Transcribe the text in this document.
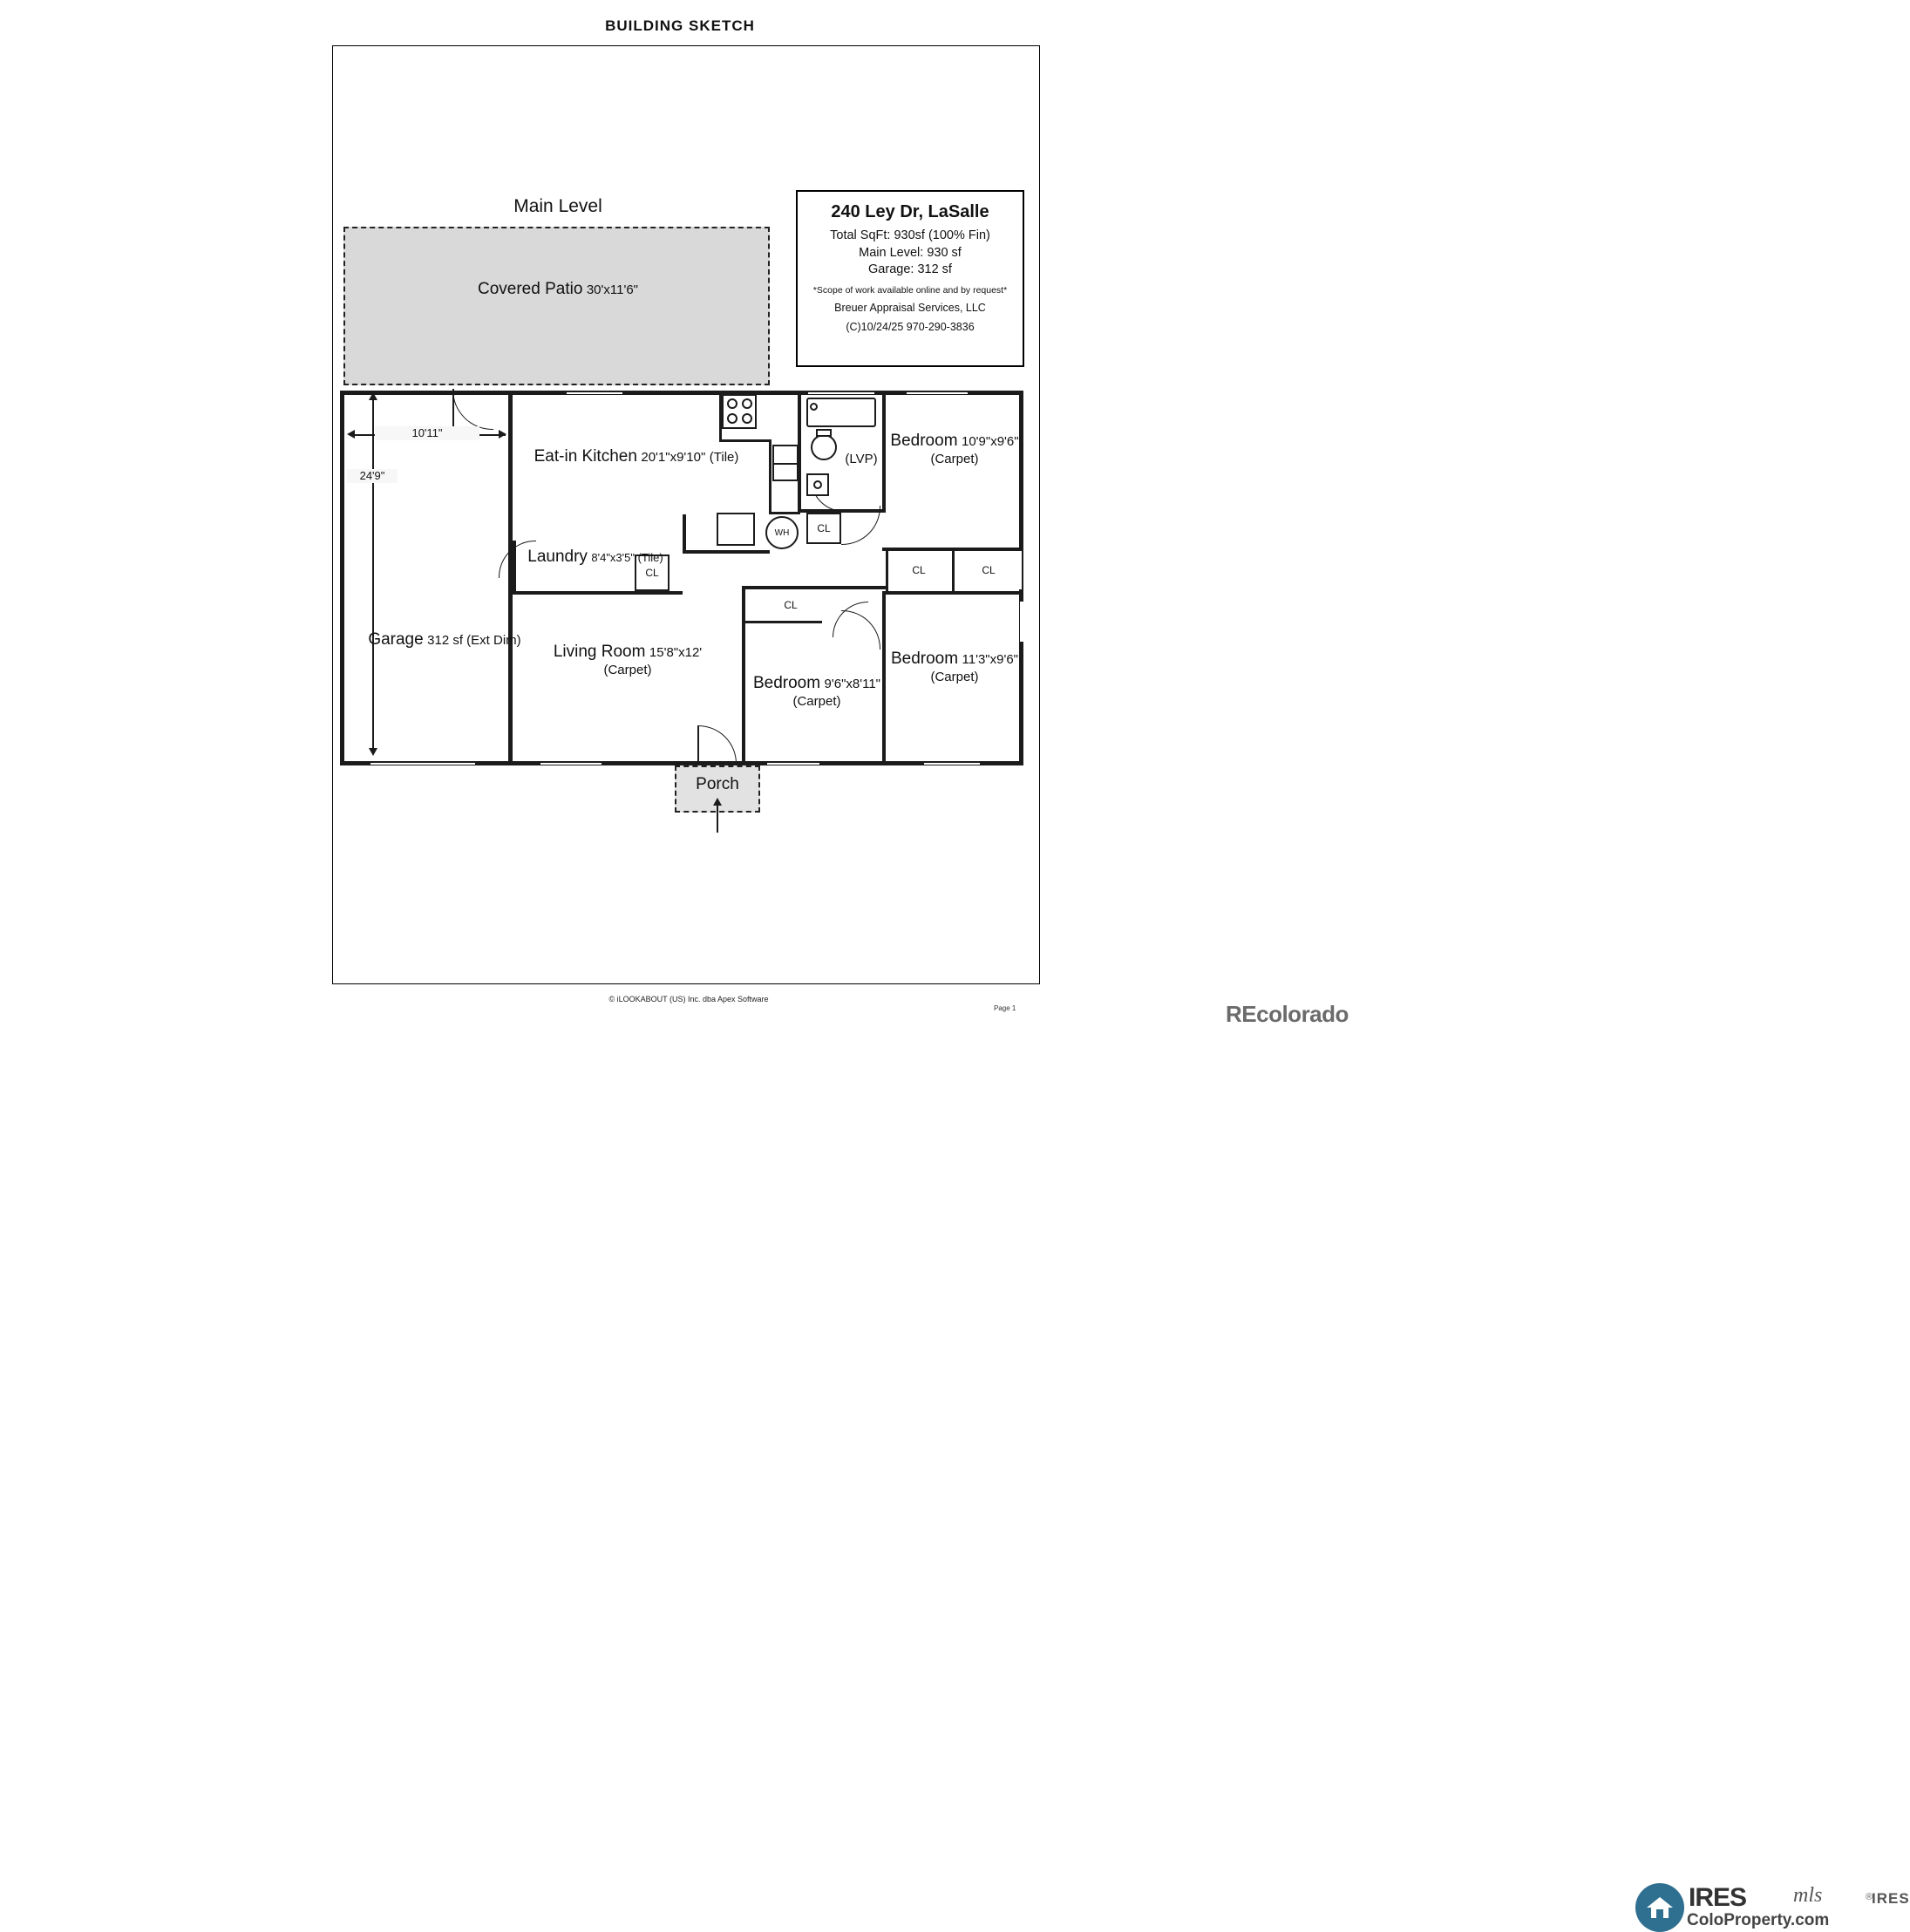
BUILDING SKETCH
Main Level
Covered Patio 30'x11'6"
240 Ley Dr, LaSalle
Total SqFt: 930sf (100% Fin)
Main Level: 930 sf
Garage: 312 sf
*Scope of work available online and by request*
Breuer Appraisal Services, LLC
(C)10/24/25 970-290-3836
WH	CL
CL	CL	CL
CL
10'11"
24'9"
Garage 312 sf (Ext Dim)
Eat-in Kitchen 20'1"x9'10" (Tile)
Laundry 8'4"x3'5" (Tile)
Living Room 15'8"x12' (Carpet)
Bedroom 10'9"x9'6" (Carpet)
Bedroom 11'3"x9'6" (Carpet)
Bedroom 9'6"x8'11" (Carpet)
(LVP)
Porch
IRES mls
ColoProperty.com
IRES
®
REcolorado
© iLOOKABOUT (US) Inc. dba Apex Software
Page 1
